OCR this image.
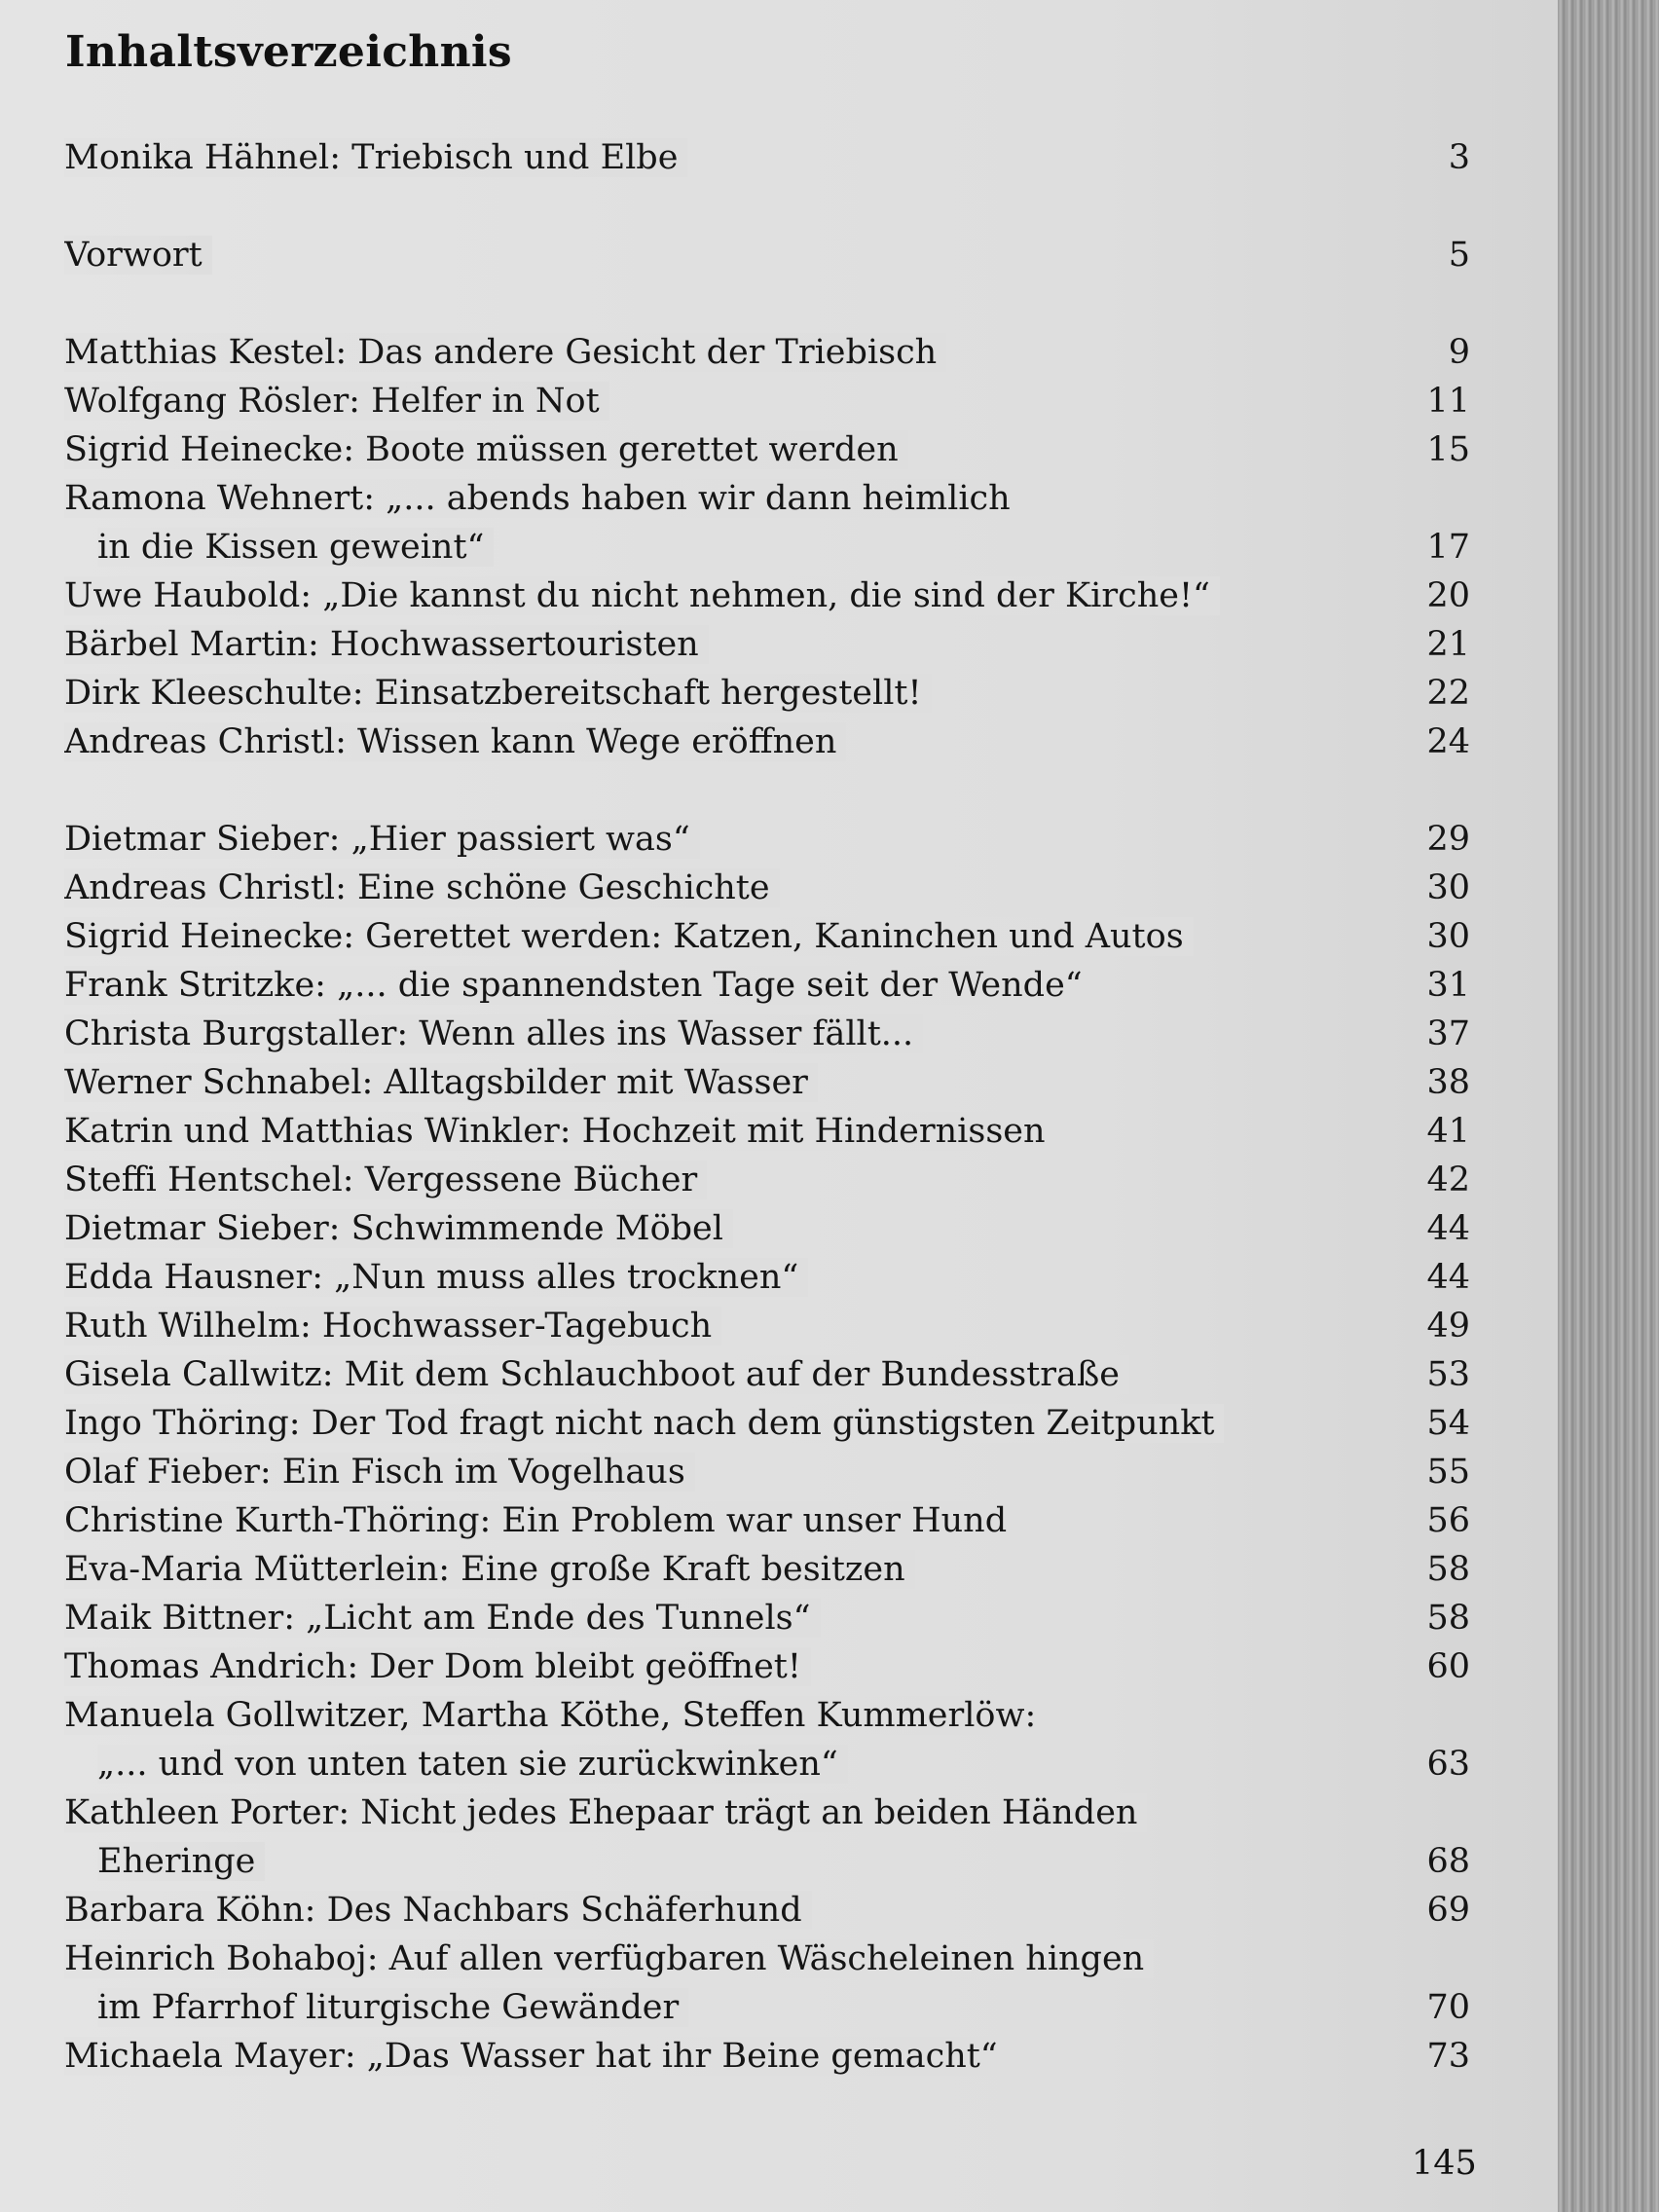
Inhaltsverzeichnis
Monika Hähnel: Triebisch und Elbe . . .	3
Vorwort . . .	5
Matthias Kestel: Das andere Gesicht der Triebisch . . .	9
Wolfgang Rösler: Helfer in Not . . .	11
Sigrid Heinecke: Boote müssen gerettet werden . . .	15
Ramona Wehnert: „... abends haben wir dann heimlich
in die Kissen geweint“ . . .	17
Uwe Haubold: „Die kannst du nicht nehmen, die sind der Kirche!“ . . .	20
Bärbel Martin: Hochwassertouristen . . .	21
Dirk Kleeschulte: Einsatzbereitschaft hergestellt! . . .	22
Andreas Christl: Wissen kann Wege eröffnen . . .	24
Dietmar Sieber: „Hier passiert was“ . . .	29
Andreas Christl: Eine schöne Geschichte . . .	30
Sigrid Heinecke: Gerettet werden: Katzen, Kaninchen und Autos . . .	30
Frank Stritzke: „... die spannendsten Tage seit der Wende“ . . .	31
Christa Burgstaller: Wenn alles ins Wasser fällt... . . .	37
Werner Schnabel: Alltagsbilder mit Wasser . . .	38
Katrin und Matthias Winkler: Hochzeit mit Hindernissen . . .	41
Steffi Hentschel: Vergessene Bücher . . .	42
Dietmar Sieber: Schwimmende Möbel . . .	44
Edda Hausner: „Nun muss alles trocknen“ . . .	44
Ruth Wilhelm: Hochwasser-Tagebuch . . .	49
Gisela Callwitz: Mit dem Schlauchboot auf der Bundesstraße . . .	53
Ingo Thöring: Der Tod fragt nicht nach dem günstigsten Zeitpunkt . . .	54
Olaf Fieber: Ein Fisch im Vogelhaus . . .	55
Christine Kurth-Thöring: Ein Problem war unser Hund . . .	56
Eva-Maria Mütterlein: Eine große Kraft besitzen . . .	58
Maik Bittner: „Licht am Ende des Tunnels“ . . .	58
Thomas Andrich: Der Dom bleibt geöffnet! . . .	60
Manuela Gollwitzer, Martha Köthe, Steffen Kummerlöw:
„... und von unten taten sie zurückwinken“ . . .	63
Kathleen Porter: Nicht jedes Ehepaar trägt an beiden Händen
Eheringe . . .	68
Barbara Köhn: Des Nachbars Schäferhund . . .	69
Heinrich Bohaboj: Auf allen verfügbaren Wäscheleinen hingen
im Pfarrhof liturgische Gewänder . . .	70
Michaela Mayer: „Das Wasser hat ihr Beine gemacht“ . . .	73
145
